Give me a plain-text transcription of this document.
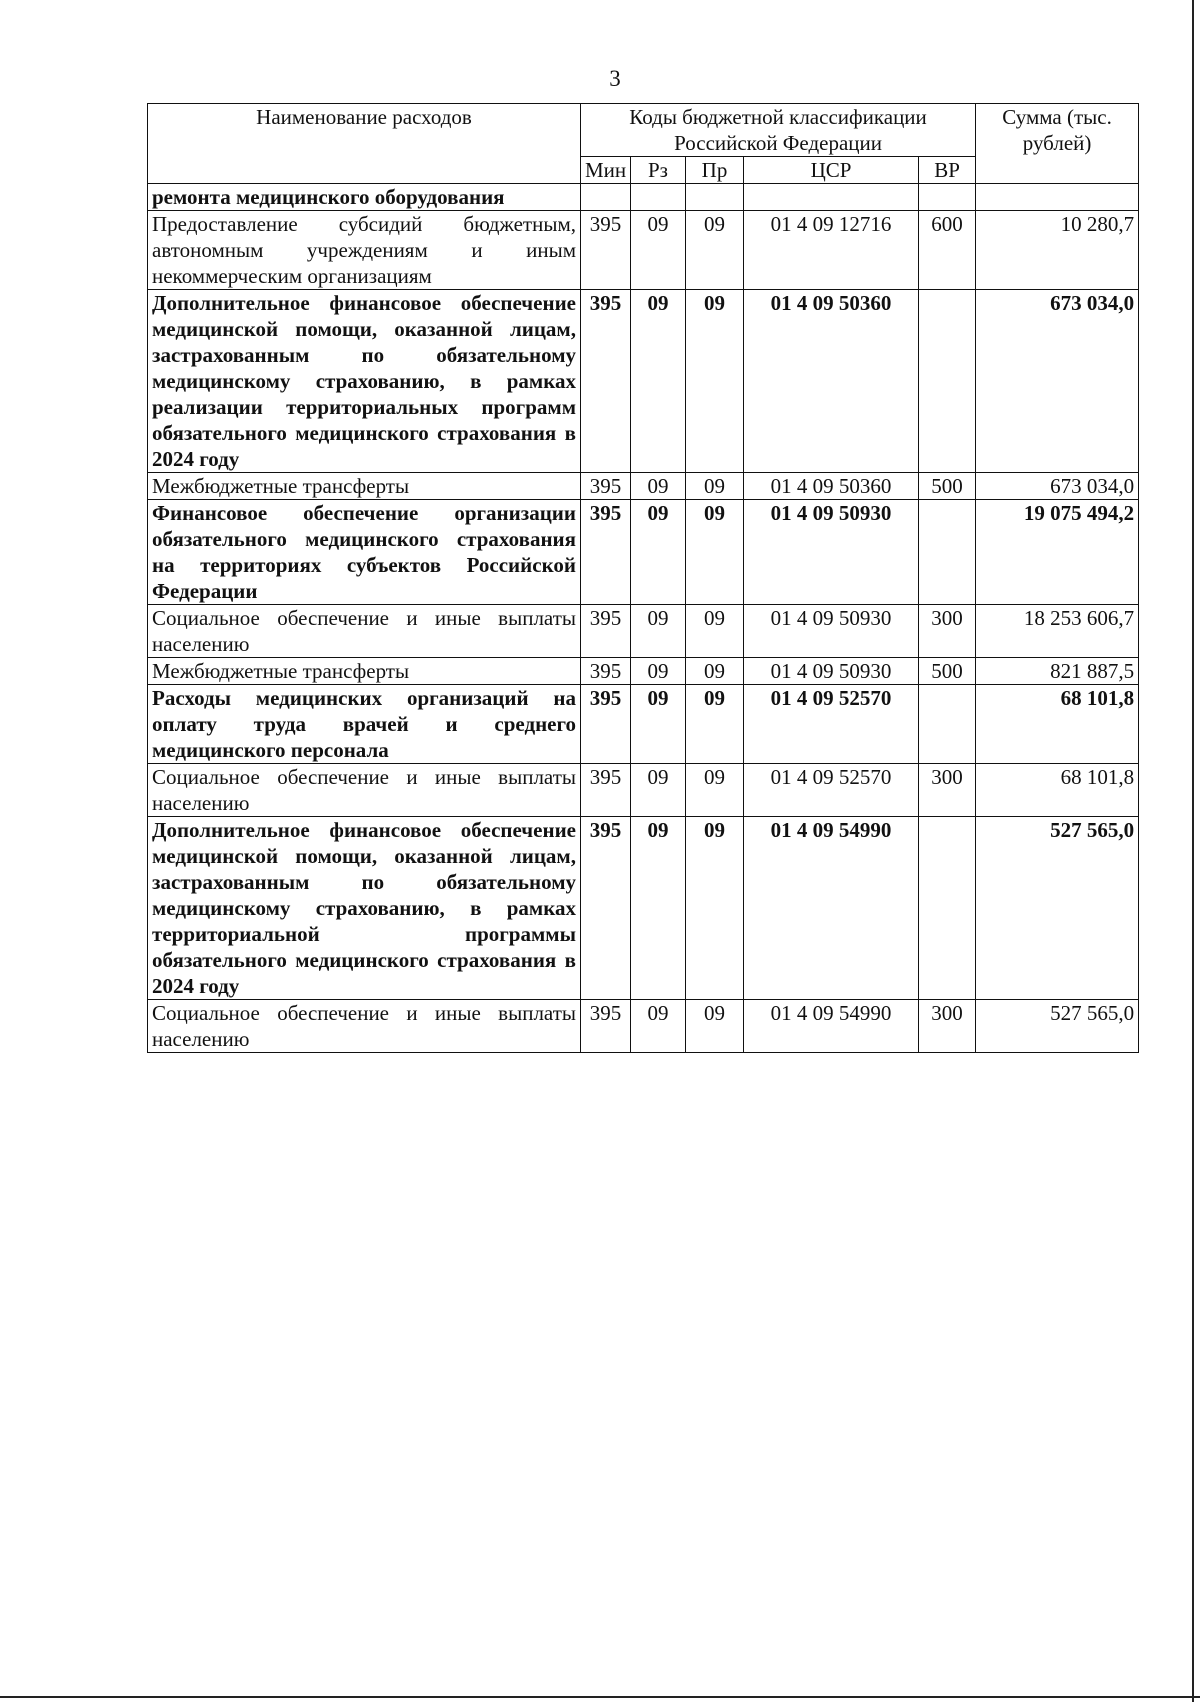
3
Наименование расходов	Коды бюджетной классификации Российской Федерации					Сумма (тыс. рублей)
	Мин	Рз	Пр	ЦСР	ВР	
ремонта медицинского оборудования						
Предоставление субсидий бюджетным, автономным учреждениям и иным некоммерческим организациям	395	09	09	01 4 09 12716	600	10 280,7
Дополнительное финансовое обеспечение медицинской помощи, оказанной лицам, застрахованным по обязательному медицинскому страхованию, в рамках реализации территориальных программ обязательного медицинского страхования в 2024 году	395	09	09	01 4 09 50360		673 034,0
Межбюджетные трансферты	395	09	09	01 4 09 50360	500	673 034,0
Финансовое обеспечение организации обязательного медицинского страхования на территориях субъектов Российской Федерации	395	09	09	01 4 09 50930		19 075 494,2
Социальное обеспечение и иные выплаты населению	395	09	09	01 4 09 50930	300	18 253 606,7
Межбюджетные трансферты	395	09	09	01 4 09 50930	500	821 887,5
Расходы медицинских организаций на оплату труда врачей и среднего медицинского персонала	395	09	09	01 4 09 52570		68 101,8
Социальное обеспечение и иные выплаты населению	395	09	09	01 4 09 52570	300	68 101,8
Дополнительное финансовое обеспечение медицинской помощи, оказанной лицам, застрахованным по обязательному медицинскому страхованию, в рамках территориальной программы обязательного медицинского страхования в 2024 году	395	09	09	01 4 09 54990		527 565,0
Социальное обеспечение и иные выплаты населению	395	09	09	01 4 09 54990	300	527 565,0
